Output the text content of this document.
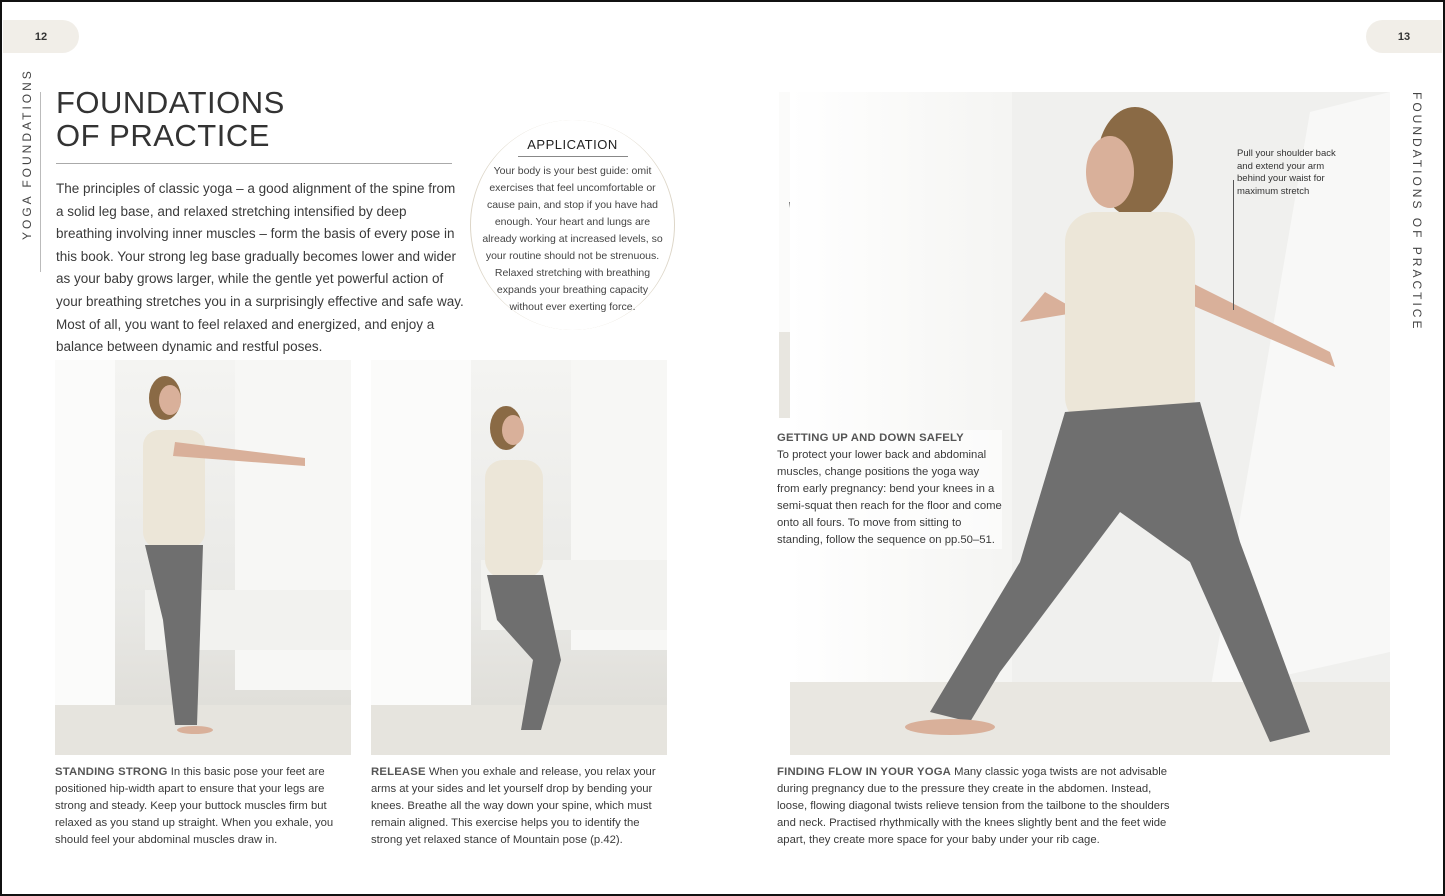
12	13
YOGA FOUNDATIONS	FOUNDATIONS OF PRACTICE
FOUNDATIONS
OF PRACTICE

The principles of classic yoga – a good alignment of the spine from a solid leg base, and relaxed stretching intensified by deep breathing involving inner muscles – form the basis of every pose in this book. Your strong leg base gradually becomes lower and wider as your baby grows larger, while the gentle yet powerful action of your breathing stretches you in a surprisingly effective and safe way. Most of all, you want to feel relaxed and energized, and enjoy a balance between dynamic and restful poses.

APPLICATION

Your body is your best guide: omit exercises that feel uncomfortable or cause pain, and stop if you have had enough. Your heart and lungs are already working at increased levels, so your routine should not be strenuous. Relaxed stretching with breathing expands your breathing capacity without ever exerting force.

Pull your shoulder back and extend your arm behind your waist for maximum stretch
GETTING UP AND DOWN SAFELY
To protect your lower back and abdominal muscles, change positions the yoga way from early pregnancy: bend your knees in a semi-squat then reach for the floor and come onto all fours. To move from sitting to standing, follow the sequence on pp.50–51.
STANDING STRONG In this basic pose your feet are positioned hip-width apart to ensure that your legs are strong and steady. Keep your buttock muscles firm but relaxed as you stand up straight. When you exhale, you should feel your abdominal muscles draw in.
RELEASE When you exhale and release, you relax your arms at your sides and let yourself drop by bending your knees. Breathe all the way down your spine, which must remain aligned. This exercise helps you to identify the strong yet relaxed stance of Mountain pose (p.42).
FINDING FLOW IN YOUR YOGA Many classic yoga twists are not advisable during pregnancy due to the pressure they create in the abdomen. Instead, loose, flowing diagonal twists relieve tension from the tailbone to the shoulders and neck. Practised rhythmically with the knees slightly bent and the feet wide apart, they create more space for your baby under your rib cage.
